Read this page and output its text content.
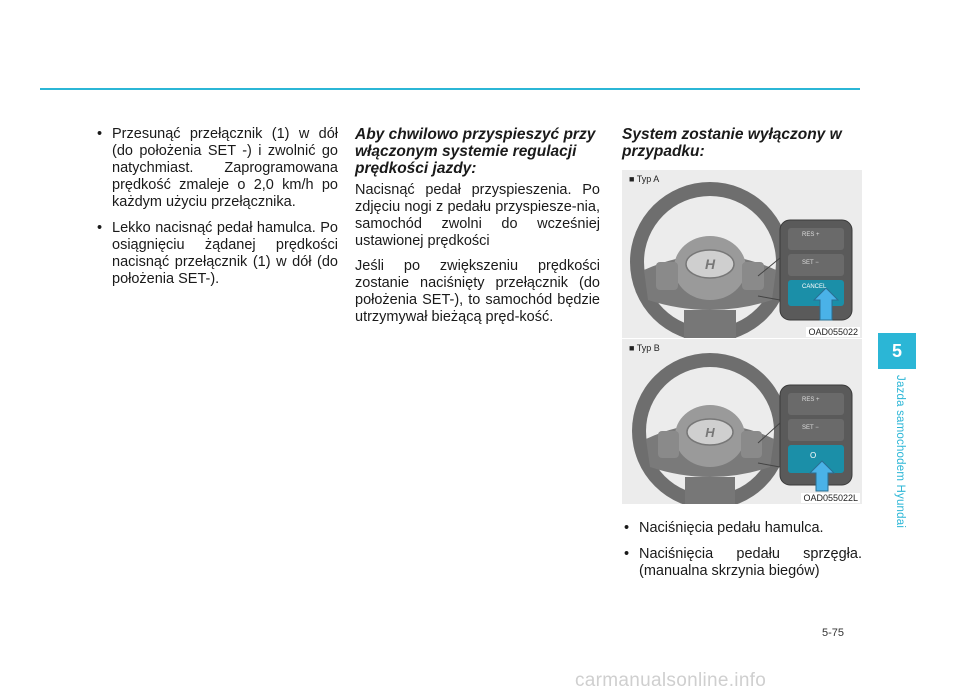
• Przesunąć przełącznik (1) w dół (do położenia SET -) i zwolnić go natychmiast. Zaprogramowana prędkość zmaleje o 2,0 km/h po każdym użyciu przełącznika.
• Lekko nacisnąć pedał hamulca. Po osiągnięciu żądanej prędkości nacisnąć przełącznik (1) w dół (do położenia SET-).
Aby chwilowo przyspieszyć przy włączonym systemie regulacji prędkości jazdy:

Nacisnąć pedał przyspieszenia. Po zdjęciu nogi z pedału przyspiesze-nia, samochód zwolni do wcześniej ustawionej prędkości

Jeśli po zwiększeniu prędkości zostanie naciśnięty przełącznik (do położenia SET-), to samochód będzie utrzymywał bieżącą pręd-kość.

System zostanie wyłączony w przypadku:
H
■ Typ A
RES +
SET −
CANCEL
OAD055022
H
■ Typ B
RES +
SET −
O
OAD055022L
• Naciśnięcia pedału hamulca.
• Naciśnięcia pedału sprzęgła. (manualna skrzynia biegów)
5
Jazda samochodem Hyundai
5-75
carmanualsonline.info
